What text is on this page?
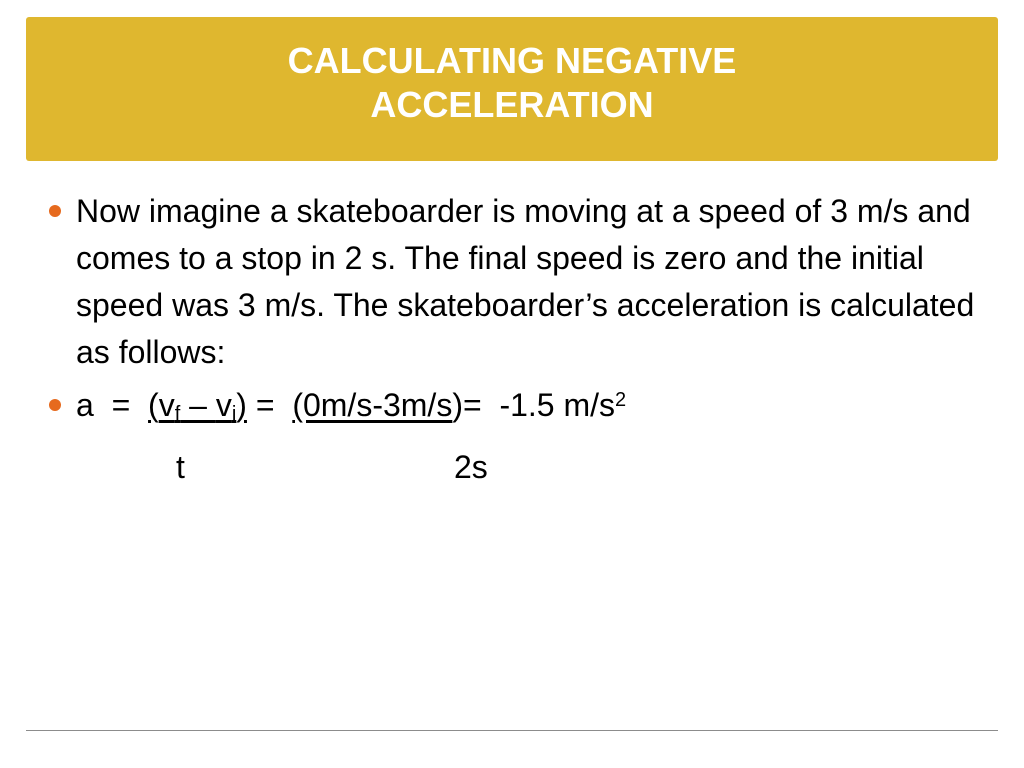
CALCULATING NEGATIVE
ACCELERATION
Now imagine a skateboarder is moving at a speed of 3 m/s and comes to a stop in 2 s. The final speed is zero and the initial speed was 3 m/s. The skateboarder’s acceleration is calculated as follows:
$a = (v_f - v_i) = (0m/s-3m/s)= -1.5$ $m/s^2$
t	2s
